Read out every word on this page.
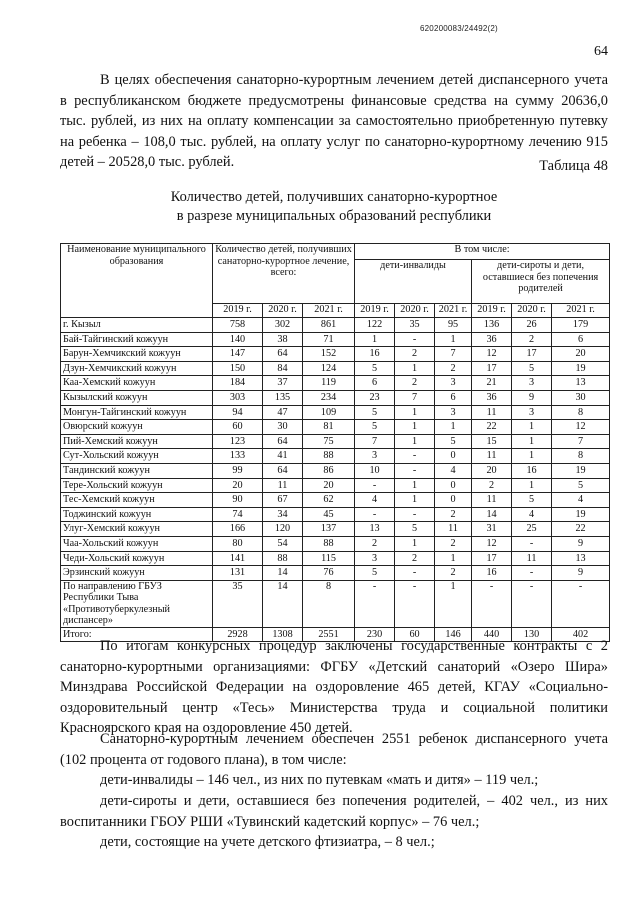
620200083/24492(2)
64

В целях обеспечения санаторно-курортным лечением детей диспансерного учета в республиканском бюджете предусмотрены финансовые средства на сумму 20636,0 тыс. рублей, из них на оплату компенсации за самостоятельно приобретенную путевку на ребенка – 108,0 тыс. рублей, на оплату услуг по санаторно-курортному лечению 915 детей – 20528,0 тыс. рублей.	Таблица 48
Количество детей, получивших санаторно-курортное
в разрезе муниципальных образований республики
Наименование муниципального образования	Количество детей, получивших санаторно-курортное лечение, всего:			В том числе:					
				дети-инвалиды			дети-сироты и дети, оставшиеся без попечения родителей		
	2019 г.	2020 г.	2021 г.	2019 г.	2020 г.	2021 г.	2019 г.	2020 г.	2021 г.
г. Кызыл	758	302	861	122	35	95	136	26	179
Бай-Тайгинский кожуун	140	38	71	1	-	1	36	2	6
Барун-Хемчикский кожуун	147	64	152	16	2	7	12	17	20
Дзун-Хемчикский кожуун	150	84	124	5	1	2	17	5	19
Каа-Хемский кожуун	184	37	119	6	2	3	21	3	13
Кызылский кожуун	303	135	234	23	7	6	36	9	30
Монгун-Тайгинский кожуун	94	47	109	5	1	3	11	3	8
Овюрский кожуун	60	30	81	5	1	1	22	1	12
Пий-Хемский кожуун	123	64	75	7	1	5	15	1	7
Сут-Хольский кожуун	133	41	88	3	-	0	11	1	8
Тандинский кожуун	99	64	86	10	-	4	20	16	19
Тере-Хольский кожуун	20	11	20	-	1	0	2	1	5
Тес-Хемский кожуун	90	67	62	4	1	0	11	5	4
Тоджинский кожуун	74	34	45	-	-	2	14	4	19
Улуг-Хемский кожуун	166	120	137	13	5	11	31	25	22
Чаа-Хольский кожуун	80	54	88	2	1	2	12	-	9
Чеди-Хольский кожуун	141	88	115	3	2	1	17	11	13
Эрзинский кожуун	131	14	76	5	-	2	16	-	9
По направлению ГБУЗ Республики Тыва «Противотуберкулезный диспансер»	35	14	8	-	-	1	-	-	-
Итого:	2928	1308	2551	230	60	146	440	130	402

По итогам конкурсных процедур заключены государственные контракты с 2 санаторно-курортными организациями: ФГБУ «Детский санаторий «Озеро Шира» Минздрава Российской Федерации на оздоровление 465 детей, КГАУ «Социально-оздоровительный центр «Тесь» Министерства труда и социальной политики Красноярского края на оздоровление 450 детей.

Санаторно-курортным лечением обеспечен 2551 ребенок диспансерного учета (102 процента от годового плана), в том числе:

дети-инвалиды – 146 чел., из них по путевкам «мать и дитя» – 119 чел.;

дети-сироты и дети, оставшиеся без попечения родителей, – 402 чел., из них воспитанники ГБОУ РШИ «Тувинский кадетский корпус» – 76 чел.;

дети, состоящие на учете детского фтизиатра, – 8 чел.;
